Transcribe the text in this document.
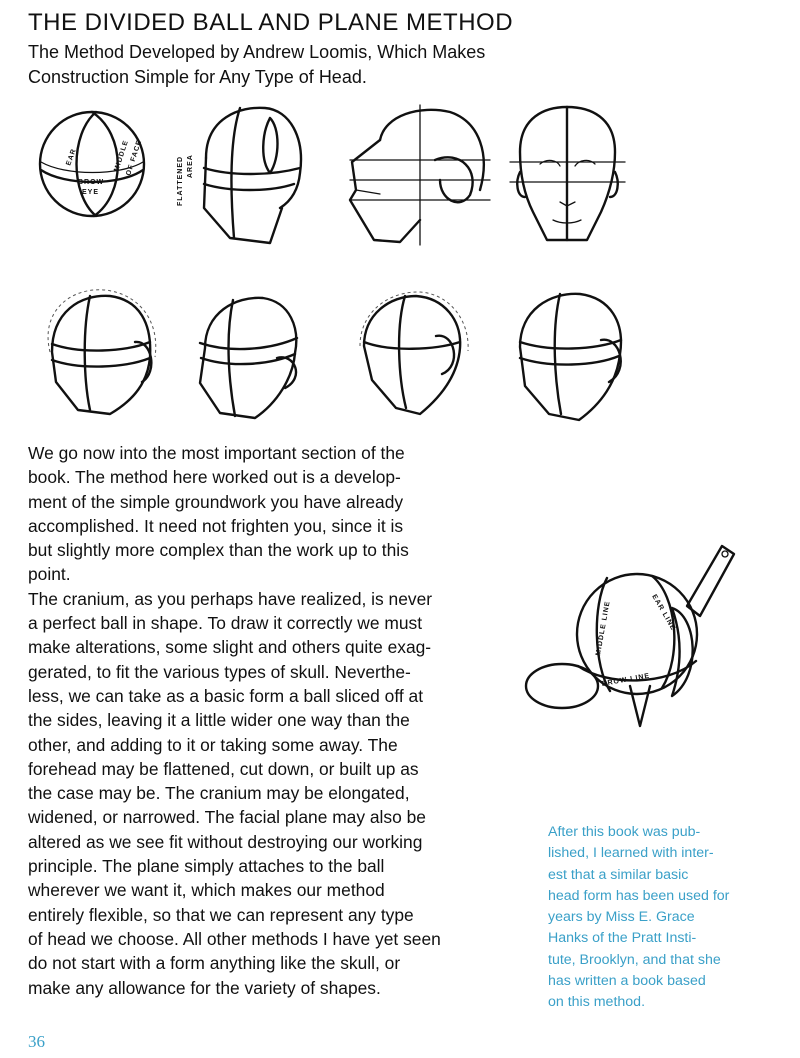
THE DIVIDED BALL AND PLANE METHOD
The Method Developed by Andrew Loomis, Which Makes
Construction Simple for Any Type of Head.
EAR	MIDDLE
OF FACE
BROW
EYE	FLATTENED AREA
We go now into the most important section of the
book. The method here worked out is a develop-
ment of the simple groundwork you have already
accomplished. It need not frighten you, since it is
but slightly more complex than the work up to this
point.
The cranium, as you perhaps have realized, is never
a perfect ball in shape. To draw it correctly we must
make alterations, some slight and others quite exag-
gerated, to fit the various types of skull. Neverthe-
less, we can take as a basic form a ball sliced off at
the sides, leaving it a little wider one way than the
other, and adding to it or taking some away. The
forehead may be flattened, cut down, or built up as
the case may be. The cranium may be elongated,
widened, or narrowed. The facial plane may also be
altered as we see fit without destroying our working
principle. The plane simply attaches to the ball
wherever we want it, which makes our method
entirely flexible, so that we can represent any type
of head we choose. All other methods I have yet seen
do not start with a form anything like the skull, or
make any allowance for the variety of shapes.
MIDDLE LINE	EAR LINE
BROW LINE
After this book was pub-
lished, I learned with inter-
est that a similar basic
head form has been used for
years by Miss E. Grace
Hanks of the Pratt Insti-
tute, Brooklyn, and that she
has written a book based
on this method.
36
